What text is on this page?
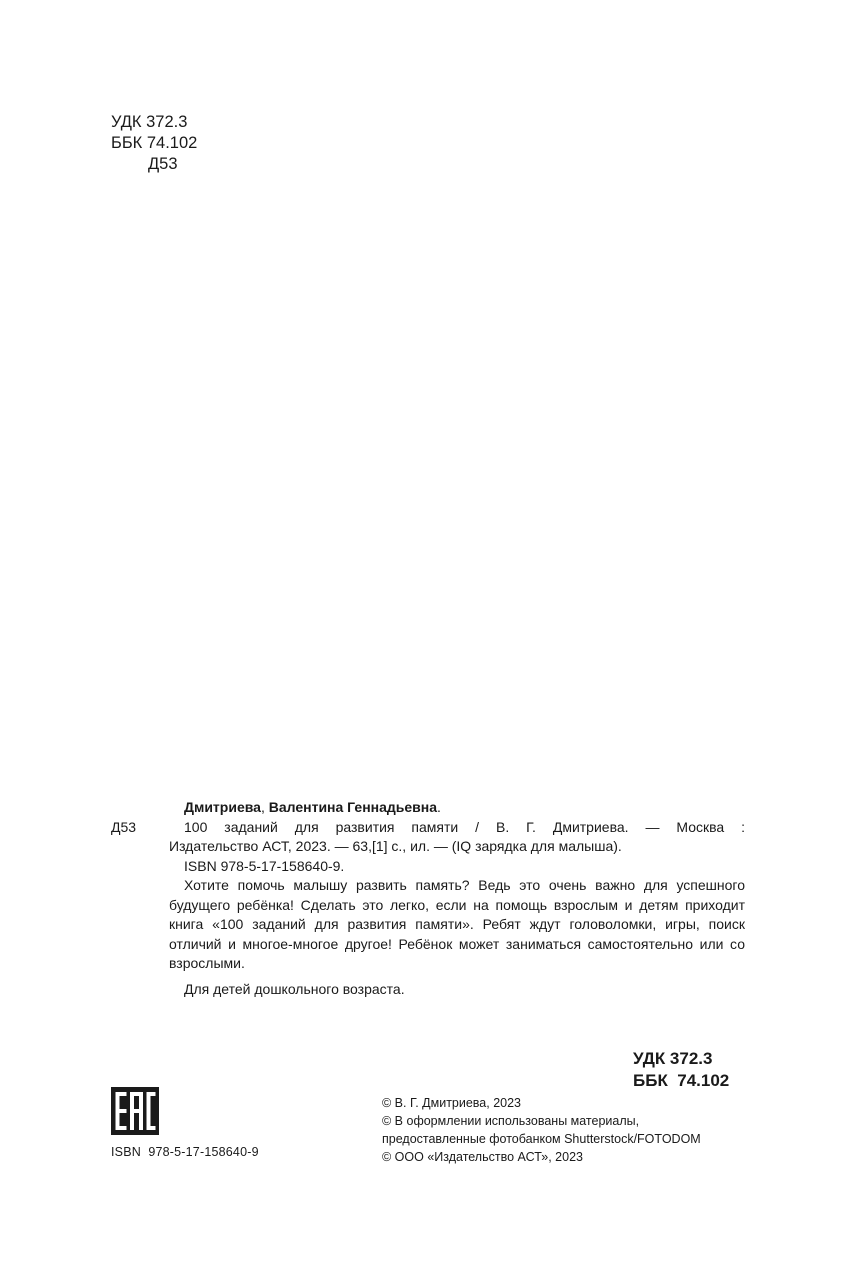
УДК 372.3
ББК 74.102
Д53

Дмитриева, Валентина Геннадьевна.

Д53	100 заданий для развития памяти / В. Г. Дмитриева. — Москва :

Издательство АСТ, 2023. — 63,[1] с., ил. — (IQ зарядка для малыша).

ISBN 978-5-17-158640-9.

Хотите помочь малышу развить память? Ведь это очень важно для успешного будущего ребёнка! Сделать это легко, если на помощь взрослым и детям приходит книга «100 заданий для развития памяти». Ребят ждут головоломки, игры, поиск отличий и многое-многое другое! Ребёнок может заниматься самостоятельно или со взрослыми.

Для детей дошкольного возраста.

УДК 372.3
ББК  74.102
ISBN  978-5-17-158640-9

© В. Г. Дмитриева, 2023

© В оформлении использованы материалы,

предоставленные фотобанком Shutterstock/FOTODOM

© ООО «Издательство АСТ», 2023
